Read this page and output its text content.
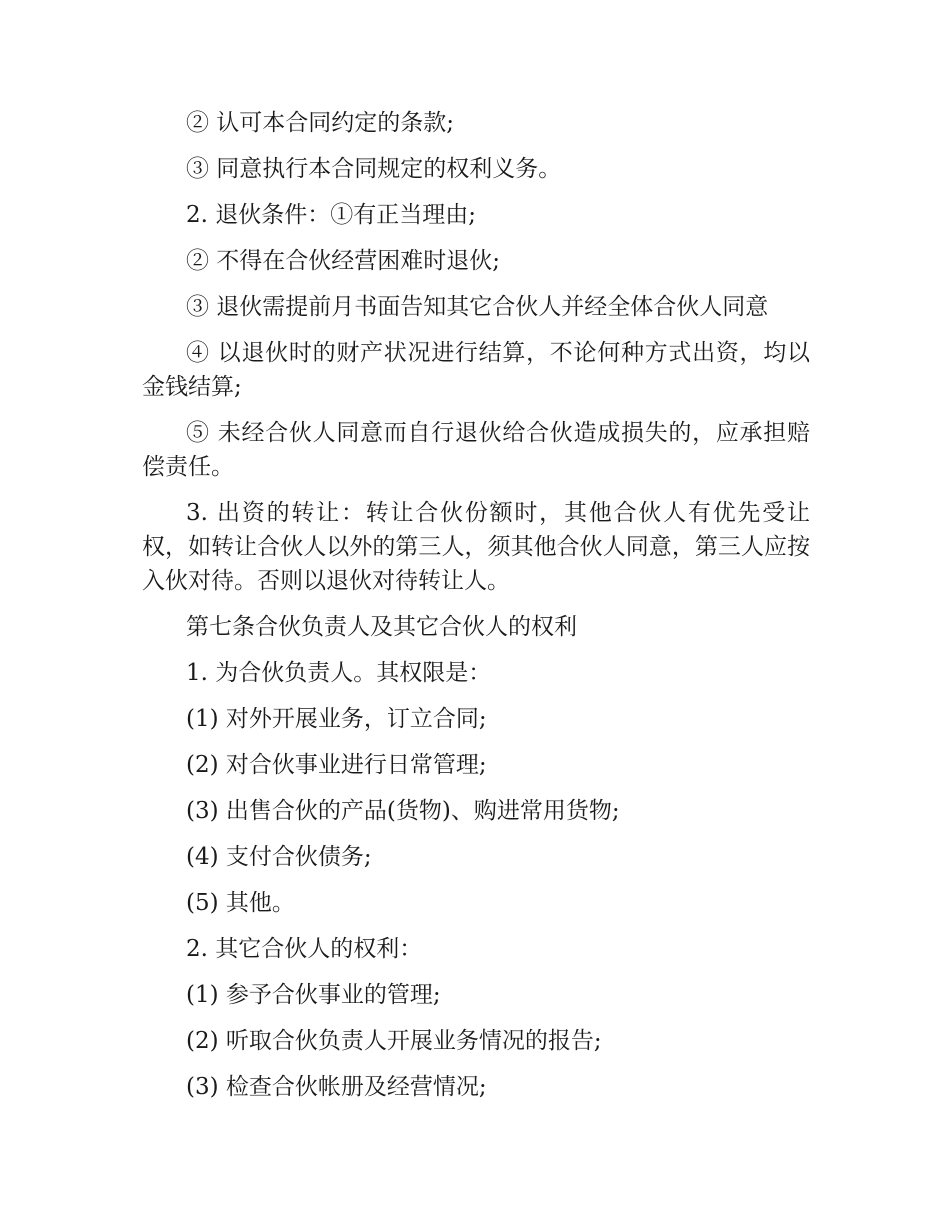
② 认可本合同约定的条款;

③ 同意执行本合同规定的权利义务。

2. 退伙条件：①有正当理由;

② 不得在合伙经营困难时退伙;

③ 退伙需提前月书面告知其它合伙人并经全体合伙人同意

④ 以退伙时的财产状况进行结算，不论何种方式出资，均以金钱结算;

⑤ 未经合伙人同意而自行退伙给合伙造成损失的，应承担赔偿责任。

3. 出资的转让：转让合伙份额时，其他合伙人有优先受让权，如转让合伙人以外的第三人，须其他合伙人同意，第三人应按入伙对待。否则以退伙对待转让人。

第七条合伙负责人及其它合伙人的权利

1. 为合伙负责人。其权限是：

(1) 对外开展业务，订立合同;

(2) 对合伙事业进行日常管理;

(3) 出售合伙的产品(货物)、购进常用货物;

(4) 支付合伙债务;

(5) 其他。

2. 其它合伙人的权利：

(1) 参予合伙事业的管理;

(2) 听取合伙负责人开展业务情况的报告;

(3) 检查合伙帐册及经营情况;
